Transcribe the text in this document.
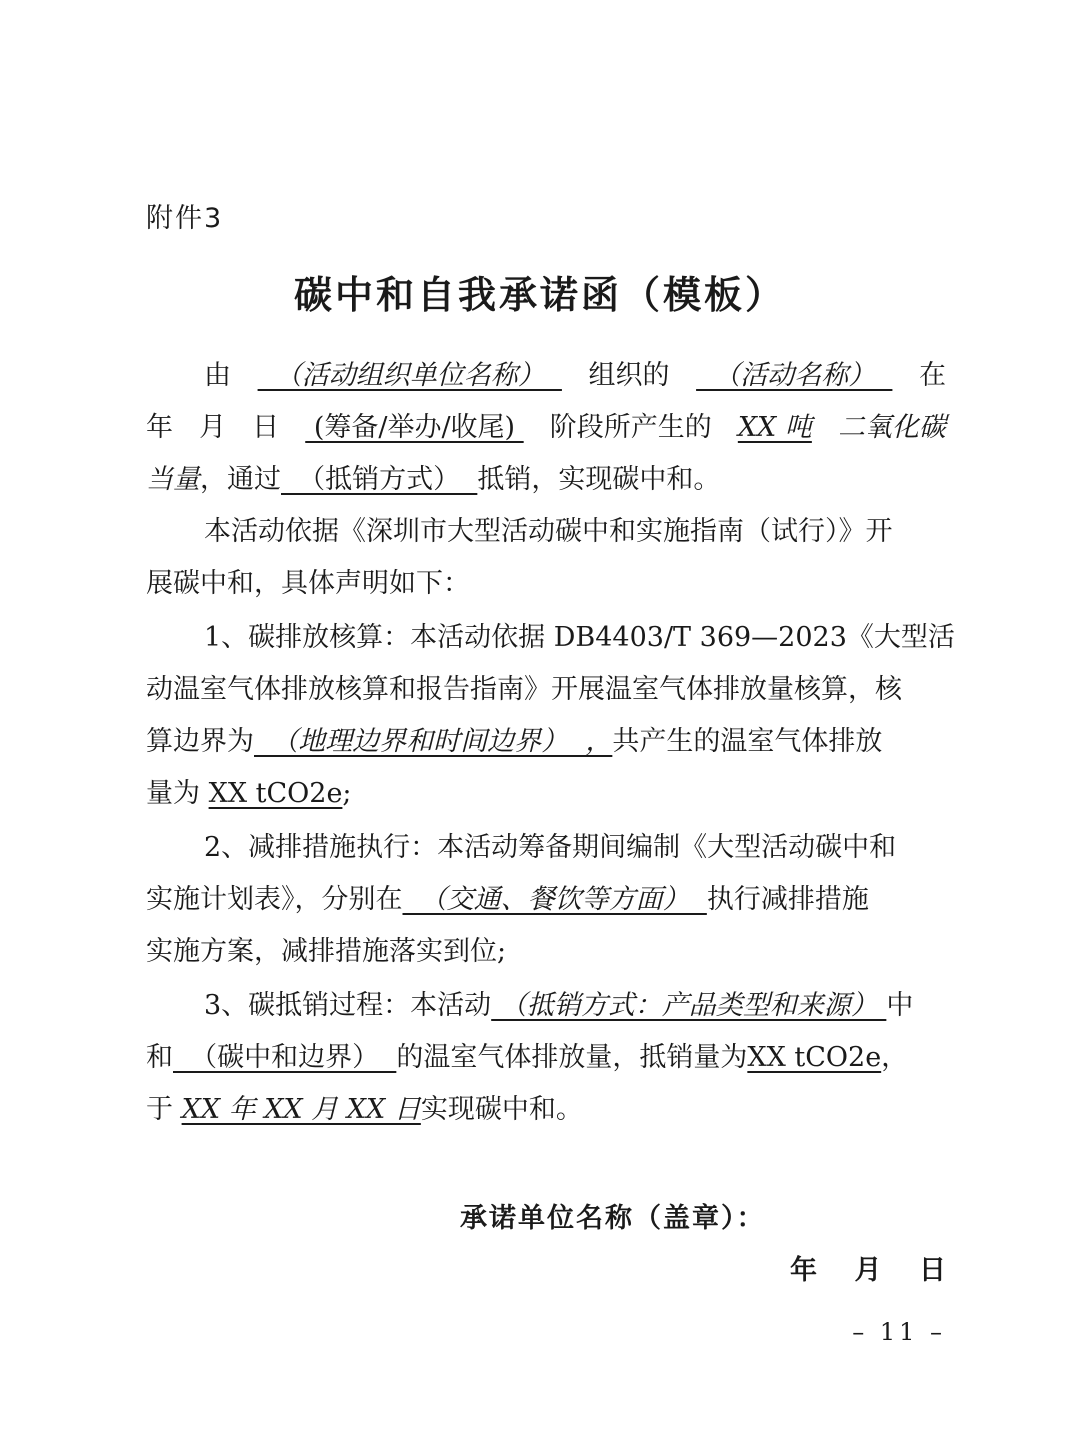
附件3
碳中和自我承诺函（模板）
由 （活动组织单位名称） 组织的 （活动名称） 在
年 月 日 (筹备/举办/收尾) 阶段所产生的 XX 吨 二氧化碳
当量，通过  （抵销方式）  抵销，实现碳中和。
本活动依据《深圳市大型活动碳中和实施指南（试行）》开
展碳中和，具体声明如下：
1、碳排放核算：本活动依据 DB4403/T 369—2023《大型活
动温室气体排放核算和报告指南》开展温室气体排放量核算，核
算边界为  （地理边界和时间边界）  ，共产生的温室气体排放
量为 XX tCO2e;
2、减排措施执行：本活动筹备期间编制《大型活动碳中和
实施计划表》，分别在  （交通、餐饮等方面）  执行减排措施
实施方案，减排措施落实到位;
3、碳抵销过程：本活动 （抵销方式：产品类型和来源） 中
和  （碳中和边界）  的温室气体排放量，抵销量为XX tCO2e，
于 XX 年 XX 月 XX 日实现碳中和。
承诺单位名称（盖章）：
年 月 日
– 11 –
